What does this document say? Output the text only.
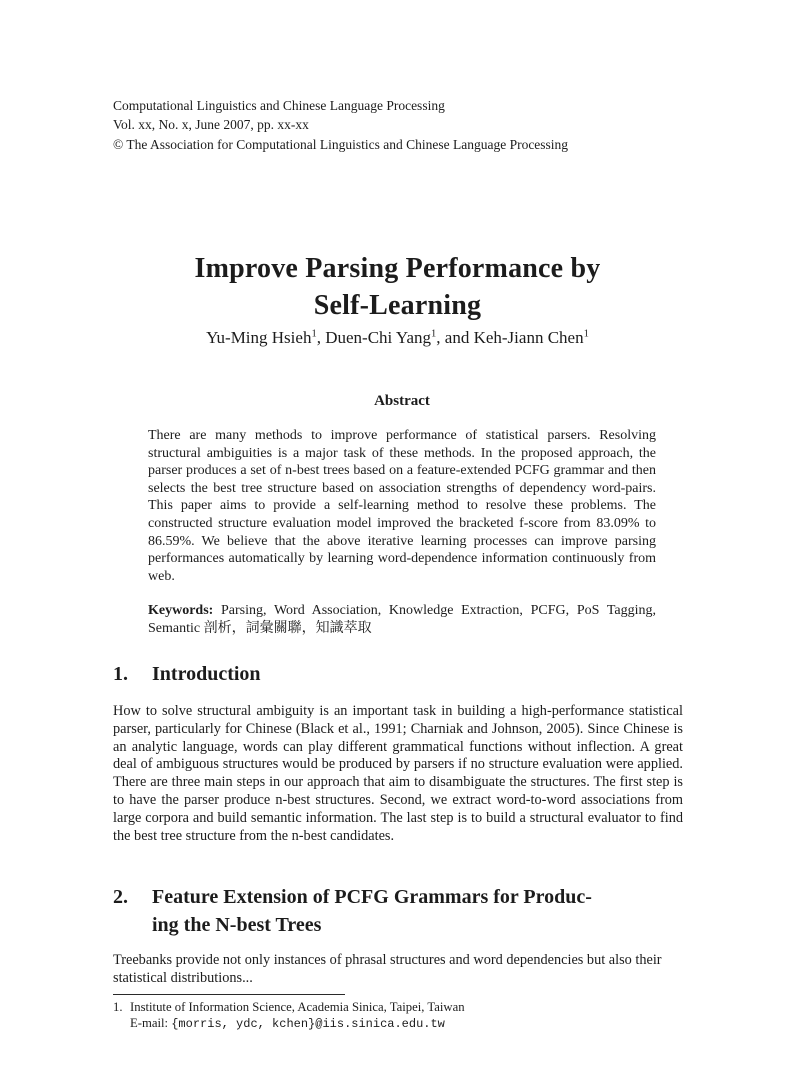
Computational Linguistics and Chinese Language Processing
Vol. xx, No. x, June 2007, pp. xx-xx
© The Association for Computational Linguistics and Chinese Language Processing
Improve Parsing Performance by
Self-Learning
Yu-Ming Hsieh$^1$, Duen-Chi Yang$^1$, and Keh-Jiann Chen$^1$
Abstract
There are many methods to improve performance of statistical parsers. Resolving structural ambiguities is a major task of these methods. In the proposed approach, the parser produces a set of n-best trees based on a feature-extended PCFG grammar and then selects the best tree structure based on association strengths of dependency word-pairs. This paper aims to provide a self-learning method to resolve these problems. The constructed structure evaluation model improved the bracketed f-score from 83.09% to 86.59%. We believe that the above iterative learning processes can improve parsing performances automatically by learning word-dependence information continuously from web.
Keywords: Parsing, Word Association, Knowledge Extraction, PCFG, PoS Tagging, Semantic 剖析，詞彙關聯，知識萃取
1.	Introduction
How to solve structural ambiguity is an important task in building a high-performance statistical parser, particularly for Chinese (Black et al., 1991; Charniak and Johnson, 2005). Since Chinese is an analytic language, words can play different grammatical functions without inflection. A great deal of ambiguous structures would be produced by parsers if no structure evaluation were applied. There are three main steps in our approach that aim to disambiguate the structures. The first step is to have the parser produce n-best structures. Second, we extract word-to-word associations from large corpora and build semantic information. The last step is to build a structural evaluator to find the best tree structure from the n-best candidates.
2.	Feature Extension of PCFG Grammars for Produc-
ing the N-best Trees
Treebanks provide not only instances of phrasal structures and word dependencies but also their statistical distributions...
1. Institute of Information Science, Academia Sinica, Taipei, Taiwan
E-mail: {morris, ydc, kchen}@iis.sinica.edu.tw
